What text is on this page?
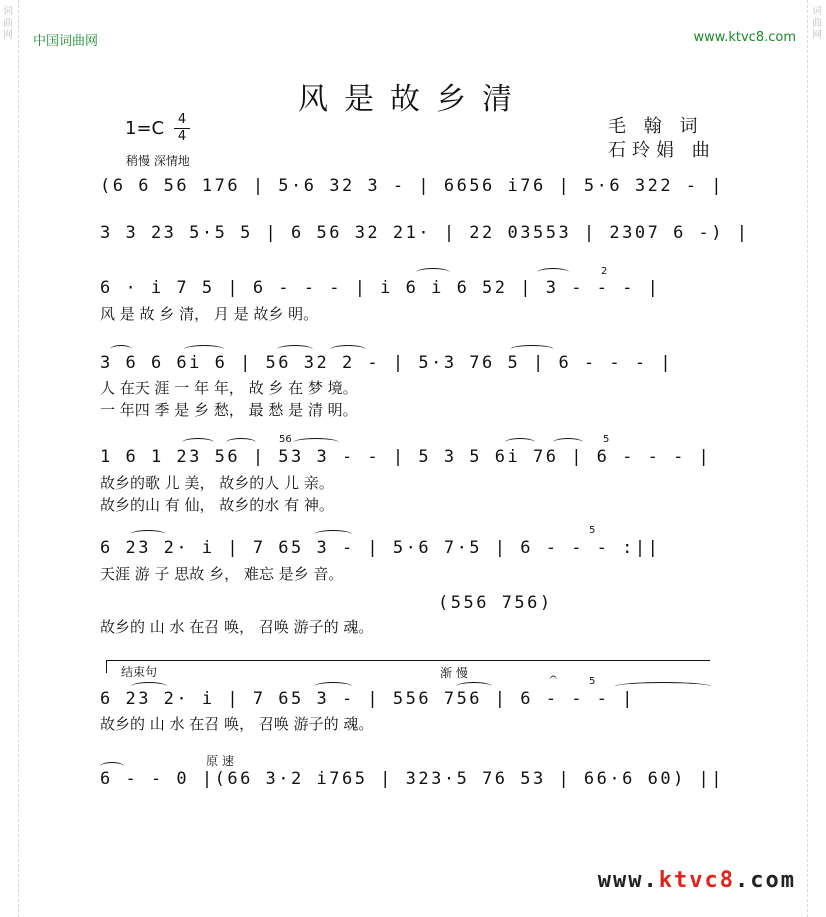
词
曲
网
词
曲
网
中国词曲网	www.ktvc8.com
风是故乡清
1=C 4
4
稍慢 深情地
毛 翰 词
石玲娟 曲
(6 6 56 176 | 5·6 32 3 - | 6656 i76 | 5·6 322 - |
3 3 23 5·5 5 | 6 56 32 21· | 22 03553 | 2307 6 -) |
2
6 · i 7 5 | 6 - - - | i 6 i 6 52 | 3 - - - |
风 是 故 乡 清， 月 是 故乡 明。
3 6 6 6i 6 | 56 32 2 - | 5·3 76 5 | 6 - - - |
人 在天 涯 一 年 年， 故 乡 在 梦 境。
一 年四 季 是 乡 愁， 最 愁 是 清 明。
56	5
1 6 1 23 56 | 53 3 - - | 5 3 5 6i 76 | 6 - - - |
故乡的歌 儿 美， 故乡的人 儿 亲。
故乡的山 有 仙， 故乡的水 有 神。
5
6 23 2· i | 7 65 3 - | 5·6 7·5 | 6 - - - :||
天涯 游 子 思故 乡， 难忘 是乡 音。
(556 756)
故乡的 山 水 在召 唤， 召唤 游子的 魂。
结束句	渐 慢	𝄐	5
6 23 2· i | 7 65 3 - | 556 756 | 6 - - - |
故乡的 山 水 在召 唤， 召唤 游子的 魂。
原 速
6 - - 0 |(66 3·2 i765 | 323·5 76 53 | 66·6 60) ||
www.ktvc8.com
